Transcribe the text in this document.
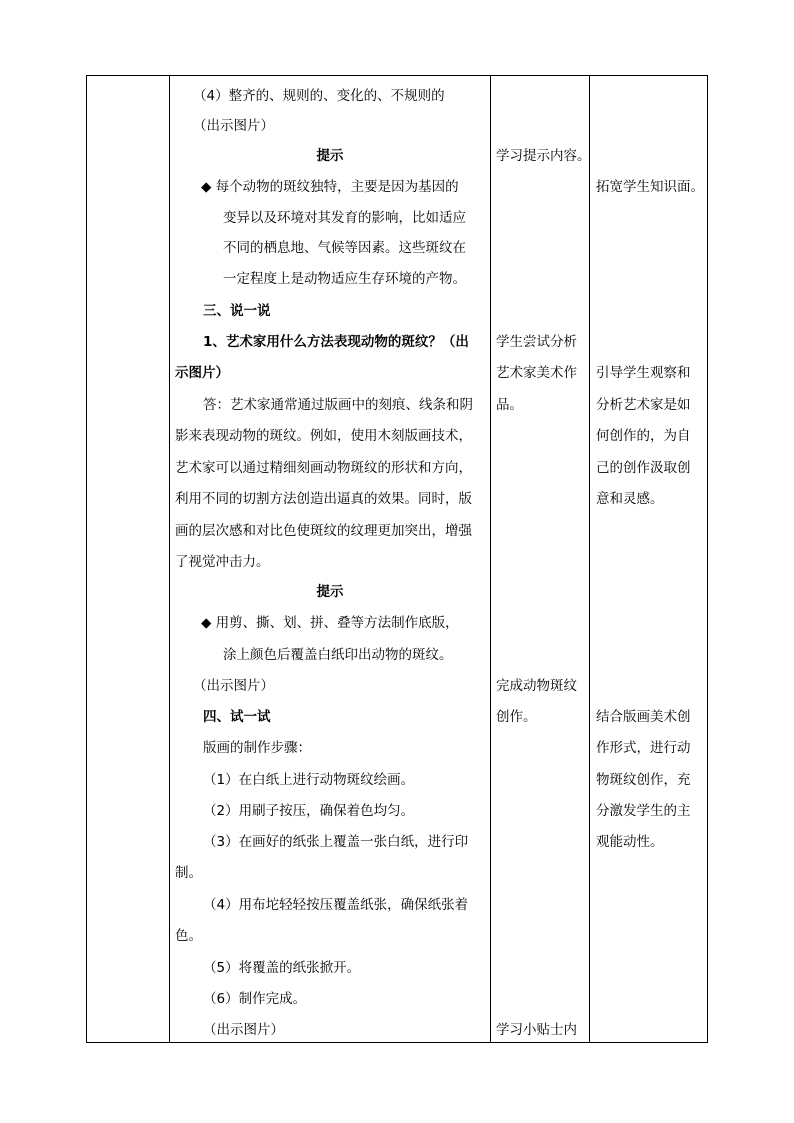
（4）整齐的、规则的、变化的、不规则的
（出示图片）
提示
◆ 每个动物的斑纹独特，主要是因为基因的
变异以及环境对其发育的影响，比如适应
不同的栖息地、气候等因素。这些斑纹在
一定程度上是动物适应生存环境的产物。
三、说一说
1、艺术家用什么方法表现动物的斑纹？（出
示图片）
答：艺术家通常通过版画中的刻痕、线条和阴
影来表现动物的斑纹。例如，使用木刻版画技术，
艺术家可以通过精细刻画动物斑纹的形状和方向，
利用不同的切割方法创造出逼真的效果。同时，版
画的层次感和对比色使斑纹的纹理更加突出，增强
了视觉冲击力。
提示
◆ 用剪、撕、划、拼、叠等方法制作底版，
涂上颜色后覆盖白纸印出动物的斑纹。
（出示图片）
四、试一试
版画的制作步骤：
（1）在白纸上进行动物斑纹绘画。
（2）用刷子按压，确保着色均匀。
（3）在画好的纸张上覆盖一张白纸，进行印
制。
（4）用布坨轻轻按压覆盖纸张，确保纸张着
色。
（5）将覆盖的纸张掀开。
（6）制作完成。
（出示图片）
学习提示内容。
学生尝试分析
艺术家美术作
品。
完成动物斑纹
创作。
学习小贴士内
拓宽学生知识面。
引导学生观察和
分析艺术家是如
何创作的，为自
己的创作汲取创
意和灵感。
结合版画美术创
作形式，进行动
物斑纹创作，充
分激发学生的主
观能动性。
